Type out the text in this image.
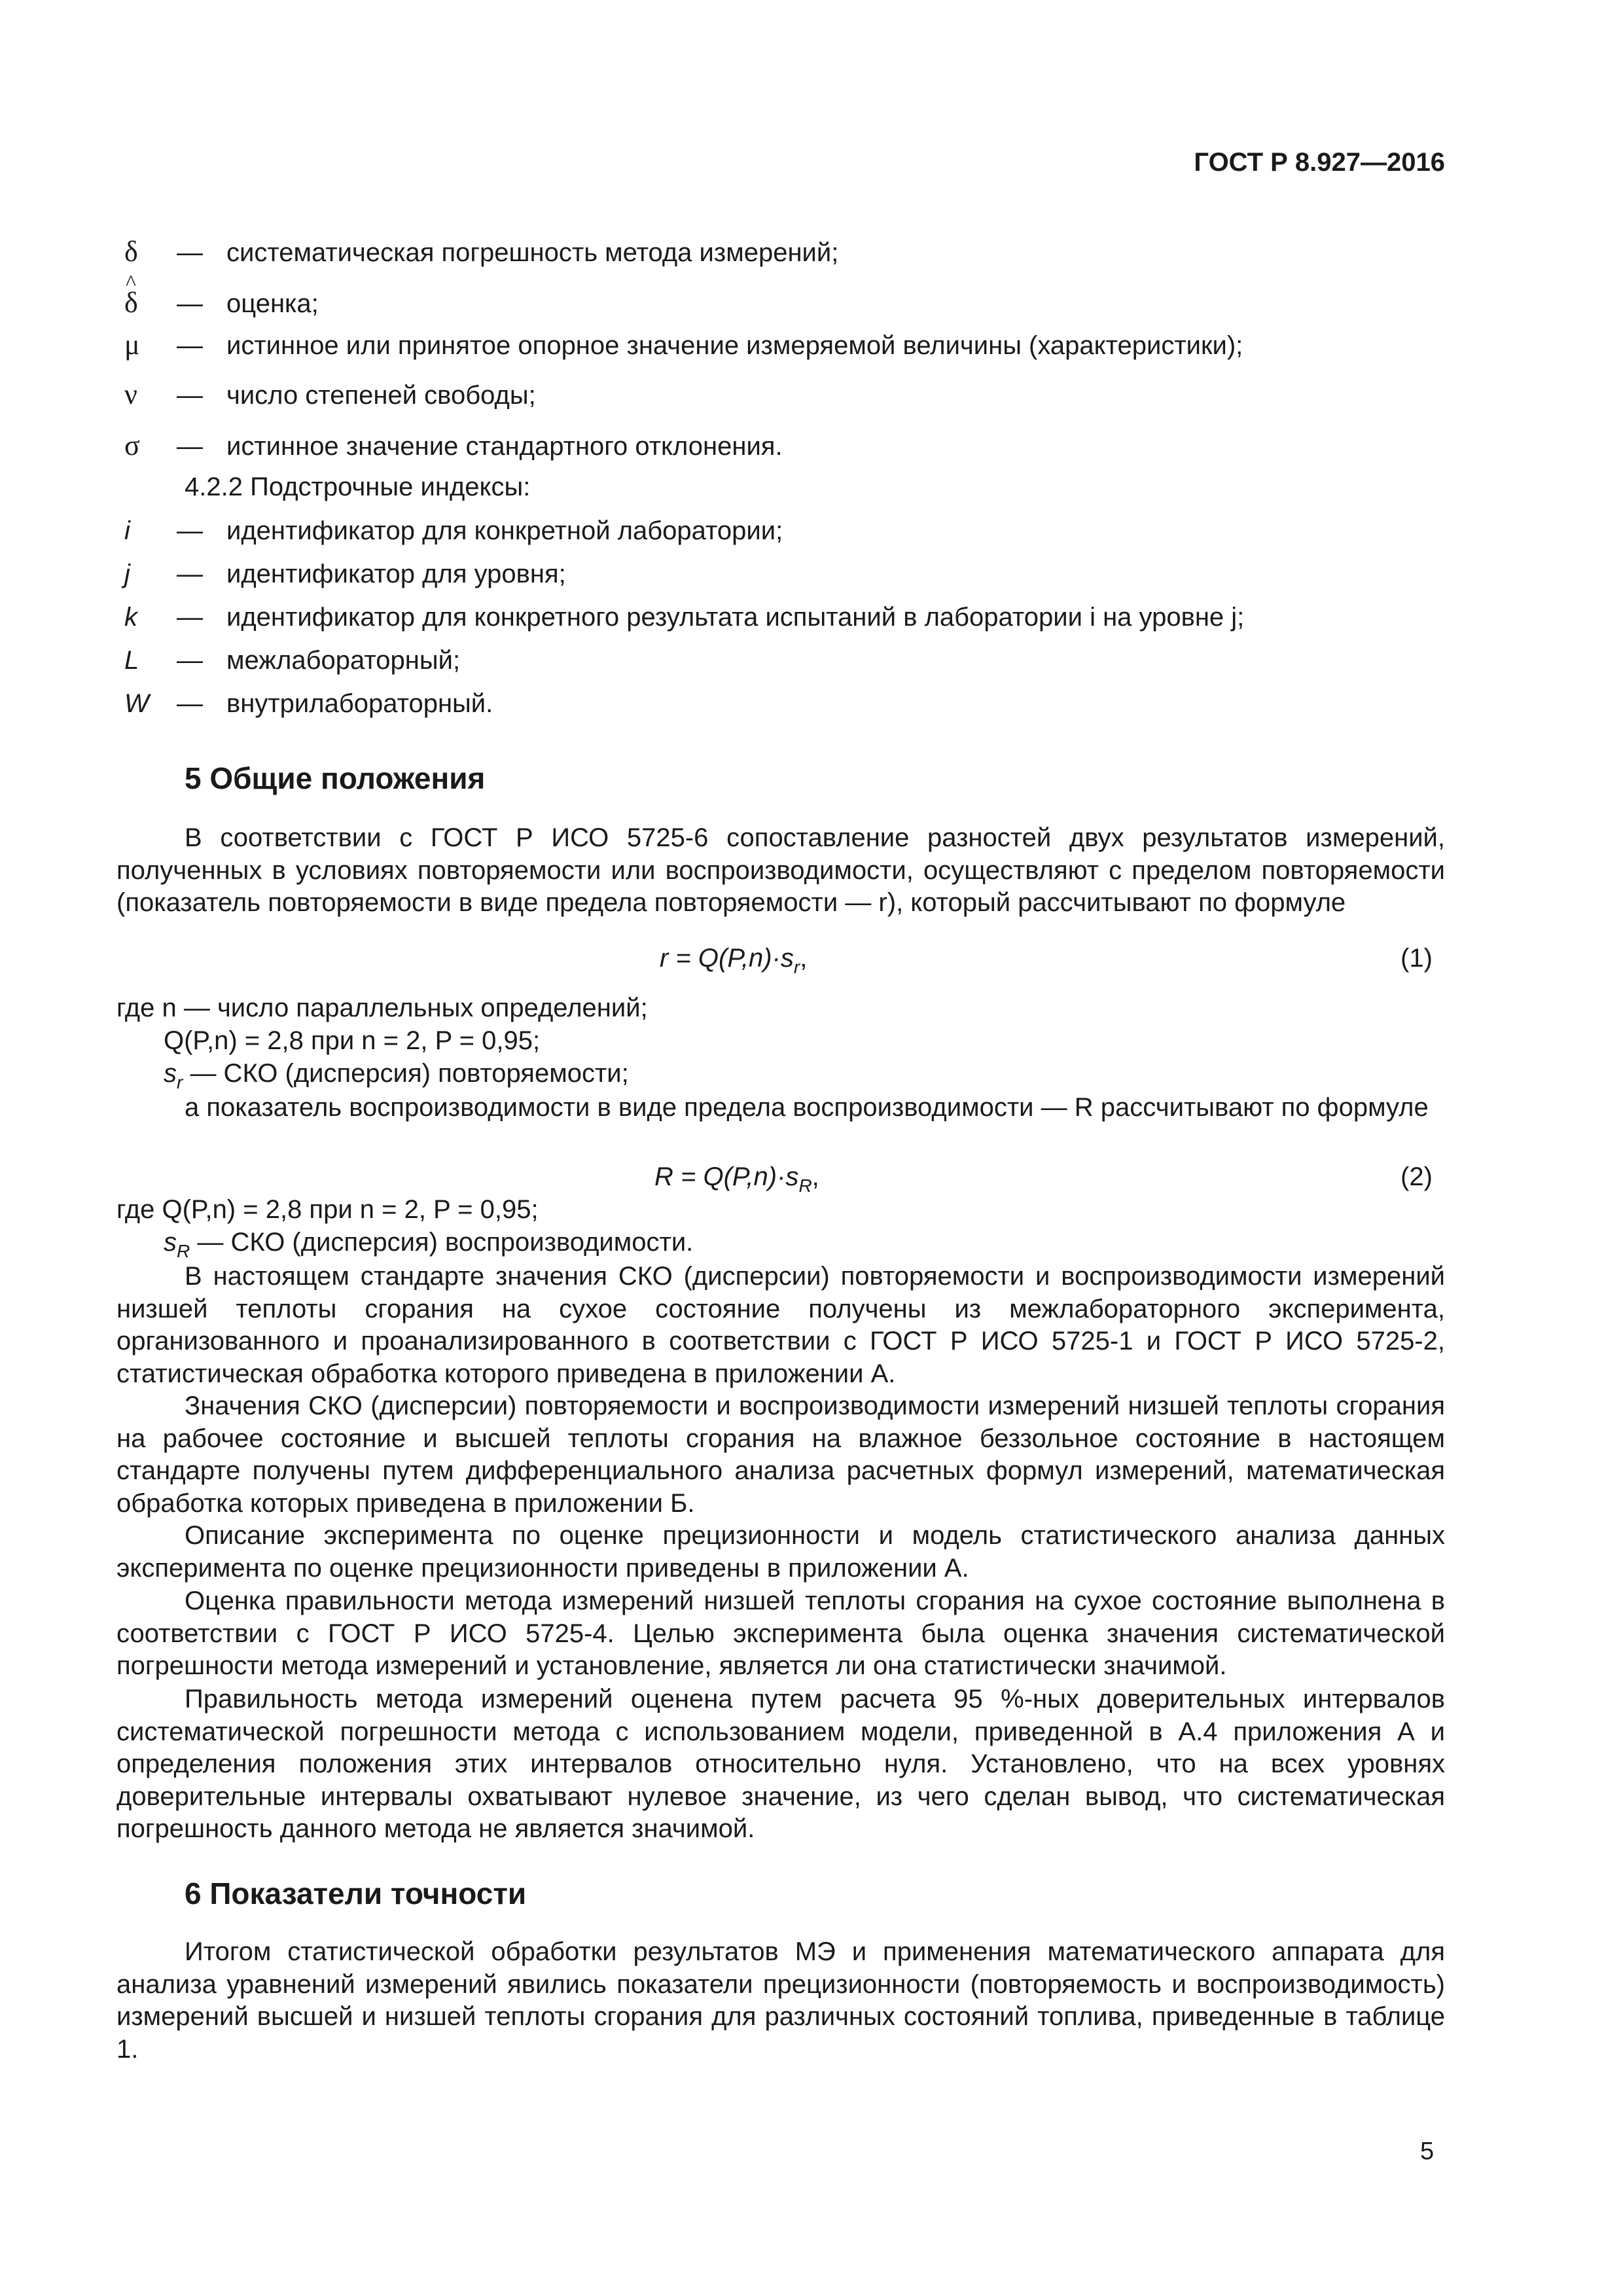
ГОСТ Р 8.927—2016
δ — систематическая погрешность метода измерений;
^ δ — оценка;
μ — истинное или принятое опорное значение измеряемой величины (характеристики);
ν — число степеней свободы;
σ — истинное значение стандартного отклонения.
4.2.2 Подстрочные индексы:
i — идентификатор для конкретной лаборатории;
j — идентификатор для уровня;
k — идентификатор для конкретного результата испытаний в лаборатории i на уровне j;
L — межлабораторный;
W — внутрилабораторный.
5 Общие положения
В соответствии с ГОСТ Р ИСО 5725-6 сопоставление разностей двух результатов измерений, полученных в условиях повторяемости или воспроизводимости, осуществляют с пределом повторяемости (показатель повторяемости в виде предела повторяемости — r), который рассчитывают по формуле
$r = Q(P,n)\cdot s_r$,	(1)
где n — число параллельных определений;
Q(P,n) = 2,8 при n = 2, P = 0,95;
$s_r$ — СКО (дисперсия) повторяемости;
а показатель воспроизводимости в виде предела воспроизводимости — R рассчитывают по формуле
$R = Q(P,n)\cdot s_R$,	(2)
где Q(P,n) = 2,8 при n = 2, P = 0,95;
$s_R$ — СКО (дисперсия) воспроизводимости.
В настоящем стандарте значения СКО (дисперсии) повторяемости и воспроизводимости измерений низшей теплоты сгорания на сухое состояние получены из межлабораторного эксперимента, организованного и проанализированного в соответствии с ГОСТ Р ИСО 5725-1 и ГОСТ Р ИСО 5725-2, статистическая обработка которого приведена в приложении А.
Значения СКО (дисперсии) повторяемости и воспроизводимости измерений низшей теплоты сгорания на рабочее состояние и высшей теплоты сгорания на влажное беззольное состояние в настоящем стандарте получены путем дифференциального анализа расчетных формул измерений, математическая обработка которых приведена в приложении Б.
Описание эксперимента по оценке прецизионности и модель статистического анализа данных эксперимента по оценке прецизионности приведены в приложении А.
Оценка правильности метода измерений низшей теплоты сгорания на сухое состояние выполнена в соответствии с ГОСТ Р ИСО 5725-4. Целью эксперимента была оценка значения систематической погрешности метода измерений и установление, является ли она статистически значимой.
Правильность метода измерений оценена путем расчета 95 %-ных доверительных интервалов систематической погрешности метода с использованием модели, приведенной в А.4 приложения А и определения положения этих интервалов относительно нуля. Установлено, что на всех уровнях доверительные интервалы охватывают нулевое значение, из чего сделан вывод, что систематическая погрешность данного метода не является значимой.
6 Показатели точности
Итогом статистической обработки результатов МЭ и применения математического аппарата для анализа уравнений измерений явились показатели прецизионности (повторяемость и воспроизводимость) измерений высшей и низшей теплоты сгорания для различных состояний топлива, приведенные в таблице 1.
5
